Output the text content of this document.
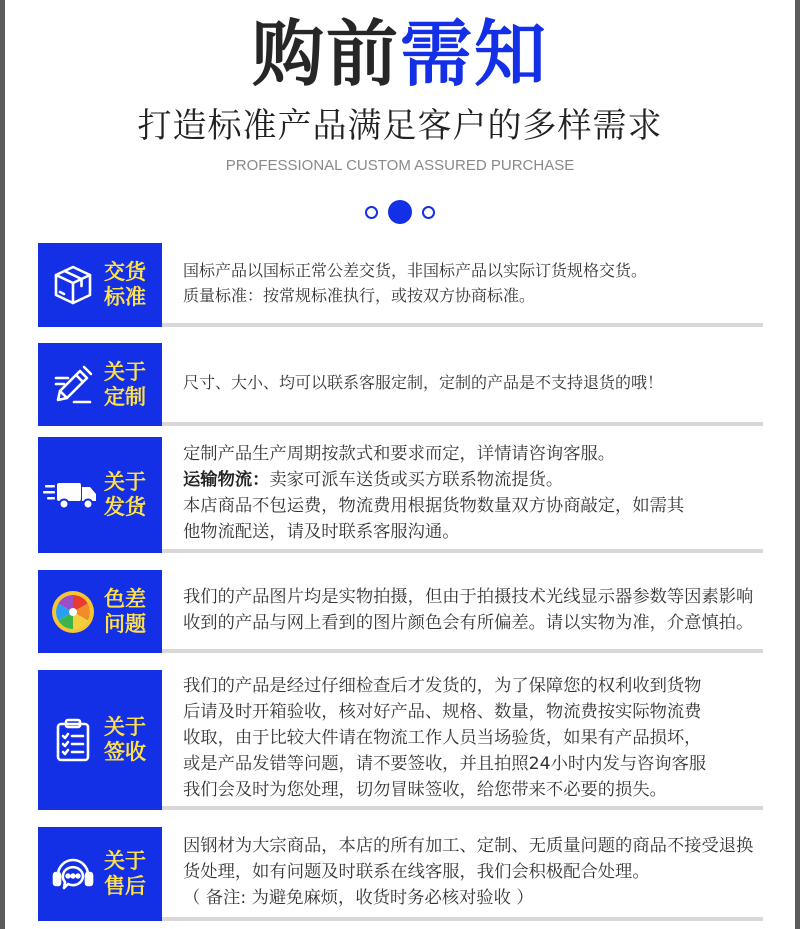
购前需知
打造标准产品满足客户的多样需求
PROFESSIONAL CUSTOM ASSURED PURCHASE
交货
标准

国标产品以国标正常公差交货，非国标产品以实际订货规格交货。

质量标准：按常规标准执行，或按双方协商标准。

关于
定制

尺寸、大小、均可以联系客服定制，定制的产品是不支持退货的哦！

关于
发货

定制产品生产周期按款式和要求而定，详情请咨询客服。

运输物流：卖家可派车送货或买方联系物流提货。

本店商品不包运费，物流费用根据货物数量双方协商敲定，如需其

他物流配送，请及时联系客服沟通。

色差
问题

我们的产品图片均是实物拍摄，但由于拍摄技术光线显示器参数等因素影响

收到的产品与网上看到的图片颜色会有所偏差。请以实物为准，介意慎拍。

关于
签收

我们的产品是经过仔细检查后才发货的，为了保障您的权利收到货物

后请及时开箱验收，核对好产品、规格、数量，物流费按实际物流费

收取，由于比较大件请在物流工作人员当场验货，如果有产品损坏，

或是产品发错等问题，请不要签收，并且拍照24小时内发与咨询客服

我们会及时为您处理，切勿冒昧签收，给您带来不必要的损失。

关于
售后

因钢材为大宗商品，本店的所有加工、定制、无质量问题的商品不接受退换

货处理，如有问题及时联系在线客服，我们会积极配合处理。

（ 备注: 为避免麻烦，收货时务必核对验收 ）
